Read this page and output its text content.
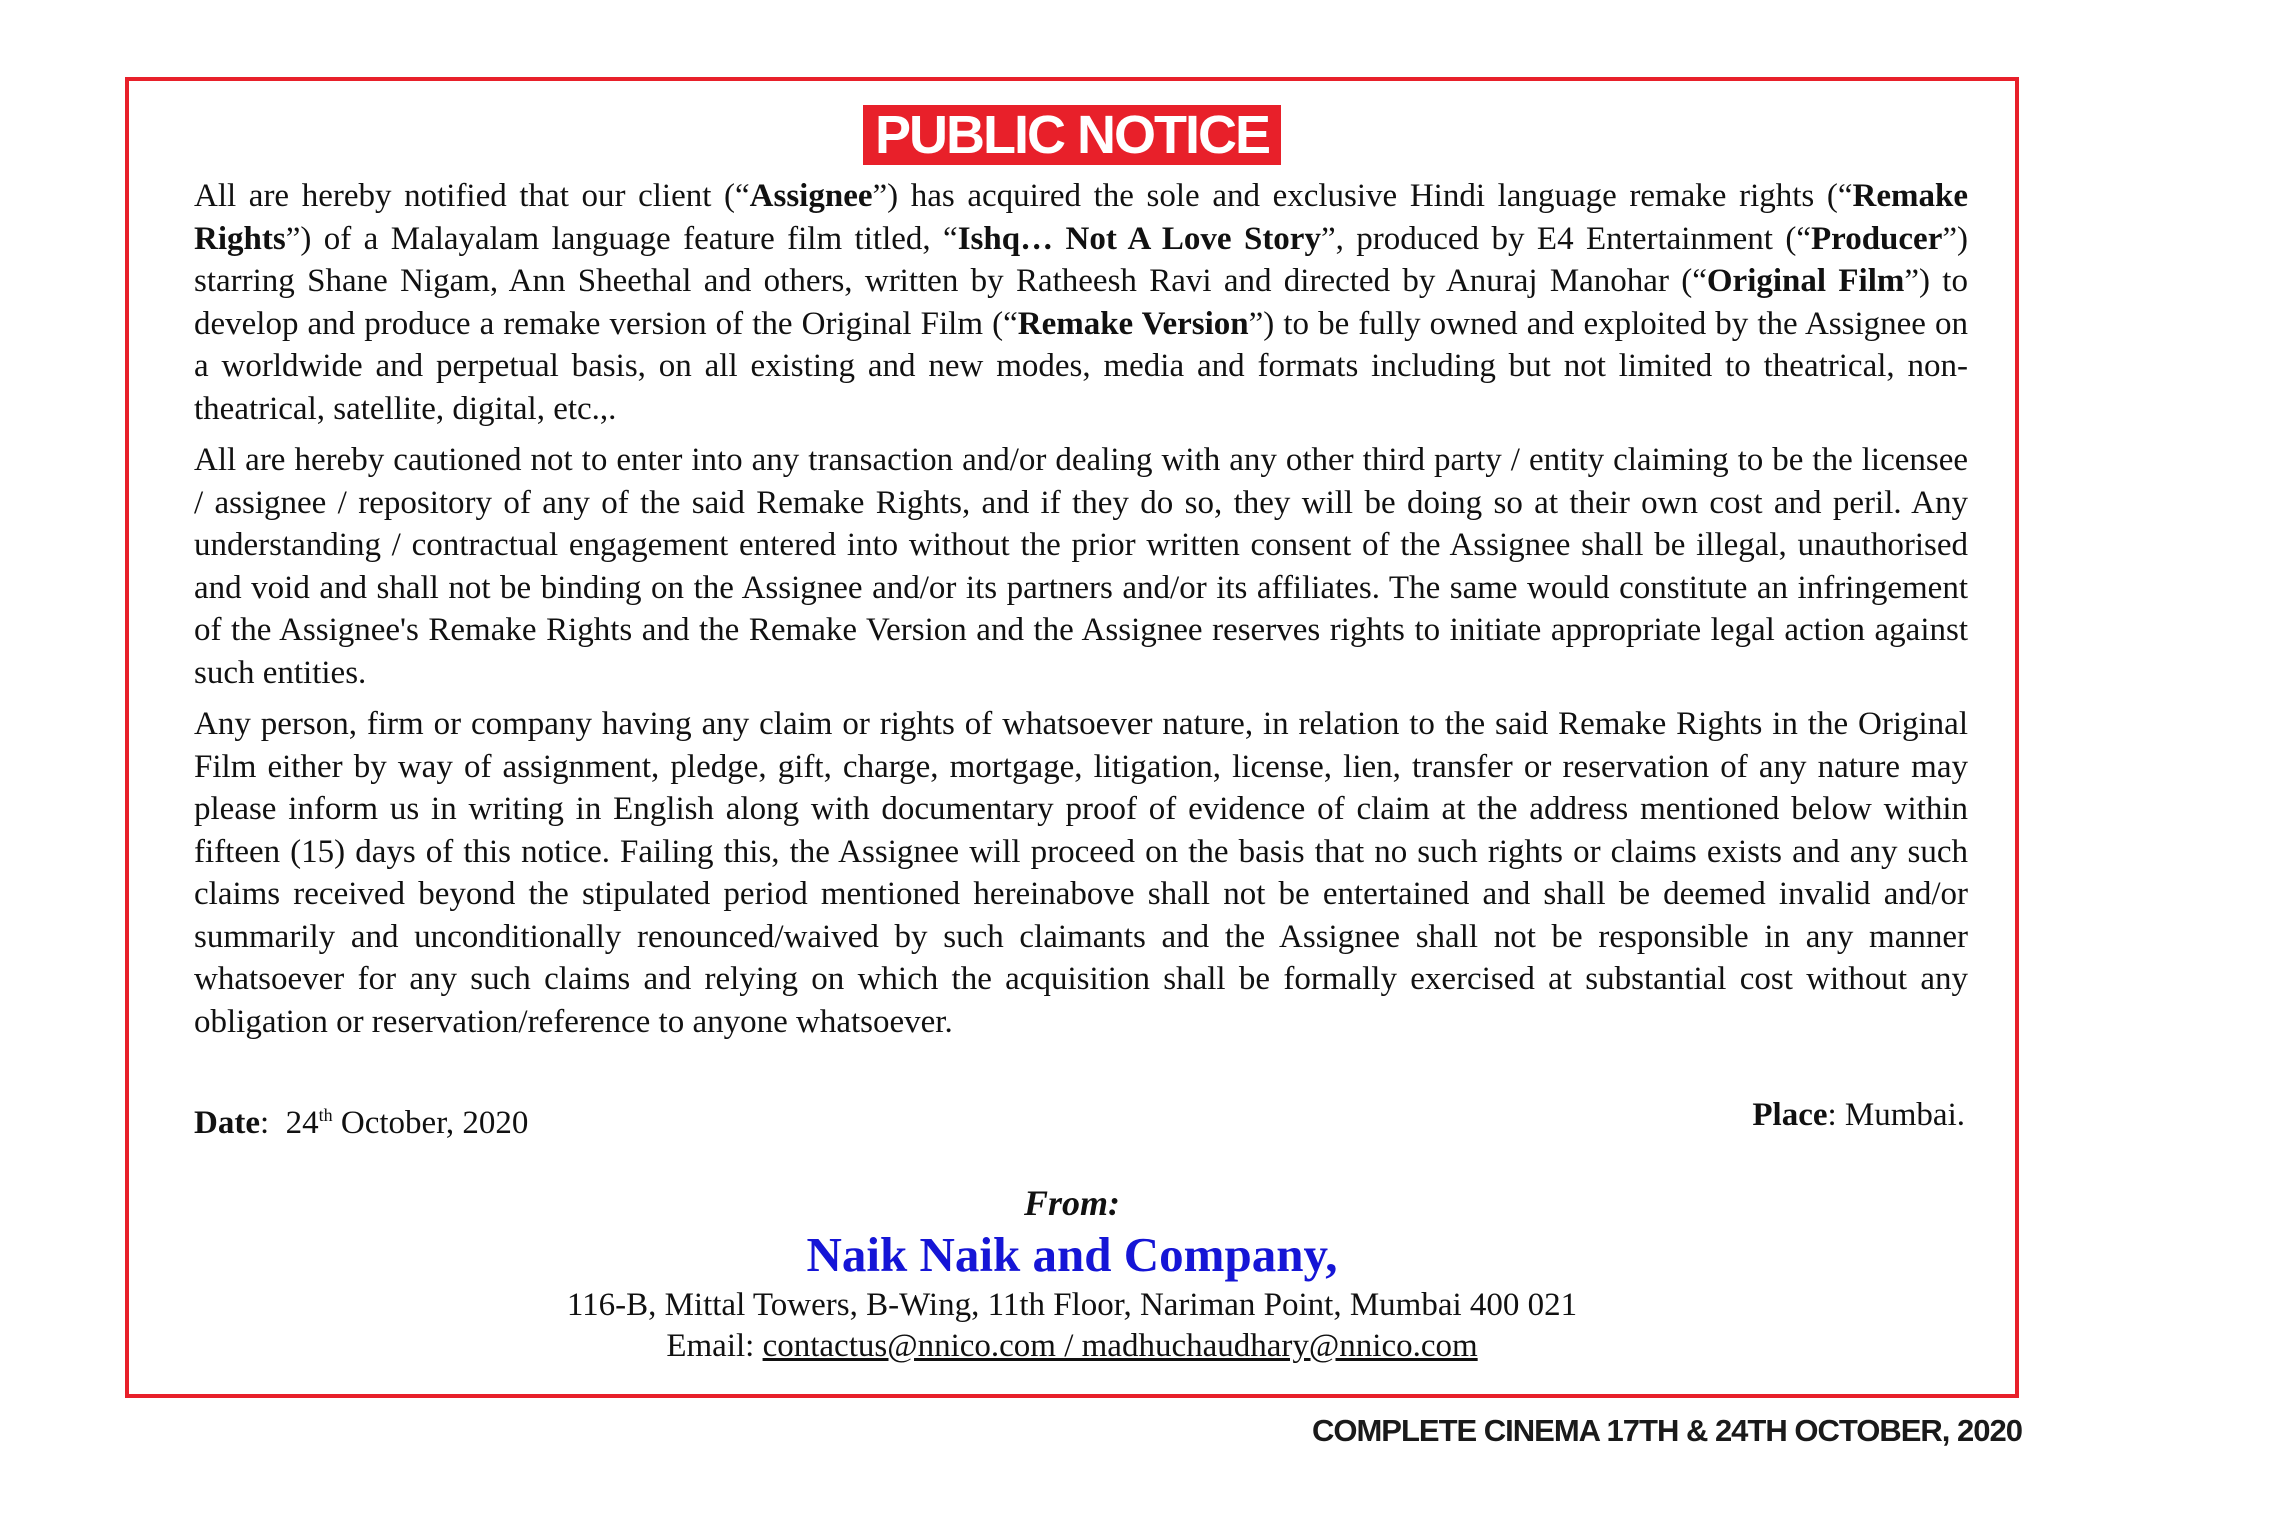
PUBLIC NOTICE

All are hereby notified that our client (“Assignee”) has acquired the sole and exclusive Hindi language remake rights (“Remake Rights”) of a Malayalam language feature film titled, “Ishq… Not A Love Story”, produced by E4 Entertainment (“Producer”) starring Shane Nigam, Ann Sheethal and others, written by Ratheesh Ravi and directed by Anuraj Manohar (“Original Film”) to develop and produce a remake version of the Original Film (“Remake Version”) to be fully owned and exploited by the Assignee on a worldwide and perpetual basis, on all existing and new modes, media and formats including but not limited to theatrical, non-theatrical, satellite, digital, etc.,.

All are hereby cautioned not to enter into any transaction and/or dealing with any other third party / entity claiming to be the licensee / assignee / repository of any of the said Remake Rights, and if they do so, they will be doing so at their own cost and peril. Any understanding / contractual engagement entered into without the prior written consent of the Assignee shall be illegal, unauthorised and void and shall not be binding on the Assignee and/or its partners and/or its affiliates. The same would constitute an infringement of the Assignee's Remake Rights and the Remake Version and the Assignee reserves rights to initiate appropriate legal action against such entities.

Any person, firm or company having any claim or rights of whatsoever nature, in relation to the said Remake Rights in the Original Film either by way of assignment, pledge, gift, charge, mortgage, litigation, license, lien, transfer or reservation of any nature may please inform us in writing in English along with documentary proof of evidence of claim at the address mentioned below within fifteen (15) days of this notice. Failing this, the Assignee will proceed on the basis that no such rights or claims exists and any such claims received beyond the stipulated period mentioned hereinabove shall not be entertained and shall be deemed invalid and/or summarily and unconditionally renounced/waived by such claimants and the Assignee shall not be responsible in any manner whatsoever for any such claims and relying on which the acquisition shall be formally exercised at substantial cost without any obligation or reservation/reference to anyone whatsoever.

Date:  24th October, 2020	Place: Mumbai.
From:
Naik Naik and Company,
116-B, Mittal Towers, B-Wing, 11th Floor, Nariman Point, Mumbai 400 021
Email: contactus@nnico.com / madhuchaudhary@nnico.com
COMPLETE CINEMA 17TH & 24TH OCTOBER, 2020
